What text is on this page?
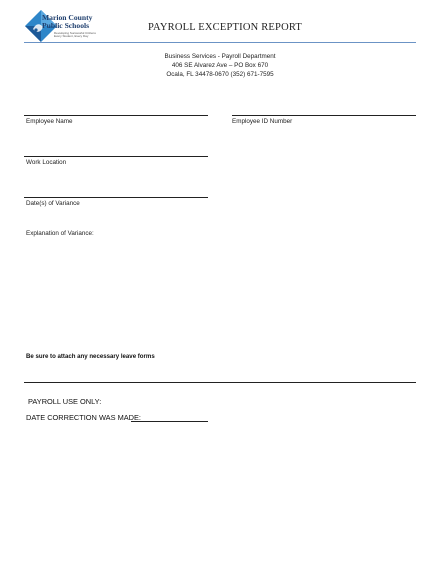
Marion County
Public Schools
Developing Successful Citizens
Every Student, Every Day
PAYROLL EXCEPTION REPORT
Business Services - Payroll Department
406 SE Alvarez Ave – PO Box 670
Ocala, FL 34478-0670 (352) 671-7595
Employee Name	Employee ID Number
Work Location
Date(s) of Variance
Explanation of Variance:
Be sure to attach any necessary leave forms
PAYROLL USE ONLY:
DATE CORRECTION WAS MADE:
